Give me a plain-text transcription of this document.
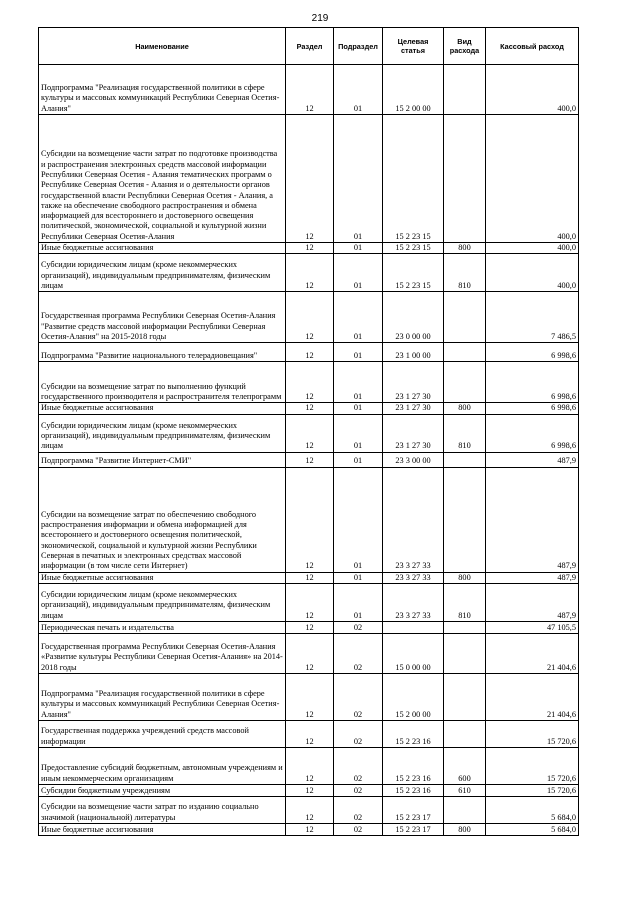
219
Наименование	Раздел	Подраздел	Целевая статья	Вид расхода	Кассовый расход
Подпрограмма "Реализация государственной политики в сфере культуры и массовых коммуникаций Республики Северная Осетия-Алания"	12	01	15 2 00 00		400,0
Субсидии на возмещение части затрат по подготовке производства и распространения электронных средств массовой информации Республики Северная Осетия - Алания тематических программ о Республике Северная Осетия - Алания и о деятельности органов государственной власти Республики Северная Осетия - Алания, а также на обеспечение свободного распространения и обмена информацией для всестороннего и достоверного освещения политической, экономической, социальной и культурной жизни Республики Северная Осетия-Алания	12	01	15 2 23 15		400,0
Иные бюджетные ассигнования	12	01	15 2 23 15	800	400,0
Субсидии юридическим лицам (кроме некоммерческих организаций), индивидуальным предпринимателям, физическим лицам	12	01	15 2 23 15	810	400,0
Государственная программа Республики Северная Осетия-Алания "Развитие средств массовой информации Республики Северная Осетия-Алания" на 2015-2018 годы	12	01	23 0 00 00		7 486,5
Подпрограмма "Развитие национального телерадиовещания"	12	01	23 1 00 00		6 998,6
Субсидии на возмещение затрат по выполнению функций государственного производителя и распространителя телепрограмм	12	01	23 1 27 30		6 998,6
Иные бюджетные ассигнования	12	01	23 1 27 30	800	6 998,6
Субсидии юридическим лицам (кроме некоммерческих организаций), индивидуальным предпринимателям, физическим лицам	12	01	23 1 27 30	810	6 998,6
Подпрограмма "Развитие Интернет-СМИ"	12	01	23 3 00 00		487,9
Субсидии на возмещение затрат по обеспечению свободного распространения информации и обмена информацией для всестороннего и достоверного освещения политической, экономической, социальной и культурной жизни Республики Северная в печатных и электронных средствах массовой информации (в том числе сети Интернет)	12	01	23 3 27 33		487,9
Иные бюджетные ассигнования	12	01	23 3 27 33	800	487,9
Субсидии юридическим лицам (кроме некоммерческих организаций), индивидуальным предпринимателям, физическим лицам	12	01	23 3 27 33	810	487,9
Периодическая печать и издательства	12	02			47 105,5
Государственная программа Республики Северная Осетия-Алания «Развитие культуры Республики Северная Осетия-Алания» на 2014-2018 годы	12	02	15 0 00 00		21 404,6
Подпрограмма "Реализация государственной политики в сфере культуры и массовых коммуникаций Республики Северная Осетия-Алания"	12	02	15 2 00 00		21 404,6
Государственная поддержка учреждений средств массовой информации	12	02	15 2 23 16		15 720,6
Предоставление субсидий бюджетным, автономным учреждениям и иным некоммерческим организациям	12	02	15 2 23 16	600	15 720,6
Субсидии бюджетным учреждениям	12	02	15 2 23 16	610	15 720,6
Субсидии на возмещение части затрат по изданию социально значимой (национальной) литературы	12	02	15 2 23 17		5 684,0
Иные бюджетные ассигнования	12	02	15 2 23 17	800	5 684,0
